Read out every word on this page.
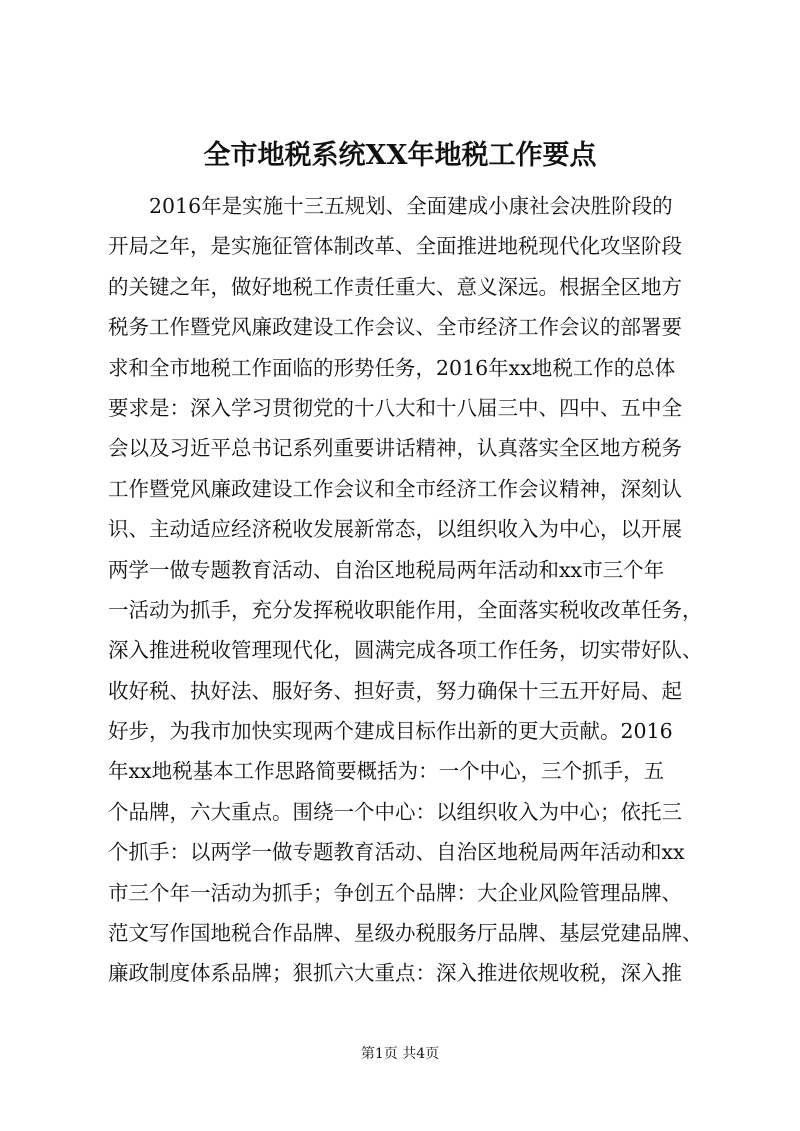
全市地税系统XX年地税工作要点
2016年是实施十三五规划、全面建成小康社会决胜阶段的
开局之年，是实施征管体制改革、全面推进地税现代化攻坚阶段
的关键之年，做好地税工作责任重大、意义深远。根据全区地方
税务工作暨党风廉政建设工作会议、全市经济工作会议的部署要
求和全市地税工作面临的形势任务，2016年xx地税工作的总体
要求是：深入学习贯彻党的十八大和十八届三中、四中、五中全
会以及习近平总书记系列重要讲话精神，认真落实全区地方税务
工作暨党风廉政建设工作会议和全市经济工作会议精神，深刻认
识、主动适应经济税收发展新常态，以组织收入为中心，以开展
两学一做专题教育活动、自治区地税局两年活动和xx市三个年
一活动为抓手，充分发挥税收职能作用，全面落实税收改革任务，
深入推进税收管理现代化，圆满完成各项工作任务，切实带好队、
收好税、执好法、服好务、担好责，努力确保十三五开好局、起
好步，为我市加快实现两个建成目标作出新的更大贡献。2016
年xx地税基本工作思路简要概括为：一个中心，三个抓手，五
个品牌，六大重点。围绕一个中心：以组织收入为中心；依托三
个抓手：以两学一做专题教育活动、自治区地税局两年活动和xx
市三个年一活动为抓手；争创五个品牌：大企业风险管理品牌、
范文写作国地税合作品牌、星级办税服务厅品牌、基层党建品牌、
廉政制度体系品牌；狠抓六大重点：深入推进依规收税，深入推
第1页 共4页
